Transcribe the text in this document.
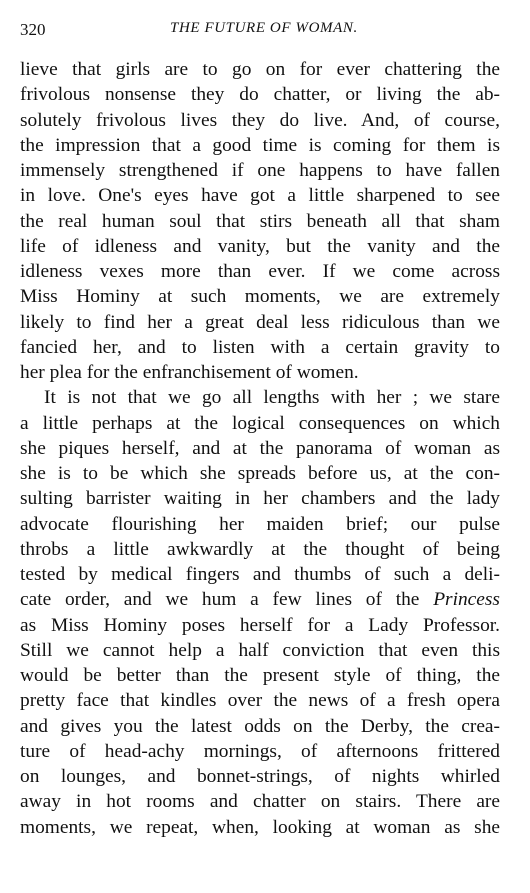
320	THE FUTURE OF WOMAN.
lieve that girls are to go on for ever chattering the
frivolous nonsense they do chatter, or living the ab-
solutely frivolous lives they do live. And, of course,
the impression that a good time is coming for them is
immensely strengthened if one happens to have fallen
in love. One's eyes have got a little sharpened to see
the real human soul that stirs beneath all that sham
life of idleness and vanity, but the vanity and the
idleness vexes more than ever. If we come across
Miss Hominy at such moments, we are extremely
likely to find her a great deal less ridiculous than we
fancied her, and to listen with a certain gravity to
her plea for the enfranchisement of women.
It is not that we go all lengths with her ; we stare
a little perhaps at the logical consequences on which
she piques herself, and at the panorama of woman as
she is to be which she spreads before us, at the con-
sulting barrister waiting in her chambers and the lady
advocate flourishing her maiden brief; our pulse
throbs a little awkwardly at the thought of being
tested by medical fingers and thumbs of such a deli-
cate order, and we hum a few lines of the Princess
as Miss Hominy poses herself for a Lady Professor.
Still we cannot help a half conviction that even this
would be better than the present style of thing, the
pretty face that kindles over the news of a fresh opera
and gives you the latest odds on the Derby, the crea-
ture of head-achy mornings, of afternoons frittered
on lounges, and bonnet-strings, of nights whirled
away in hot rooms and chatter on stairs. There are
moments, we repeat, when, looking at woman as she
